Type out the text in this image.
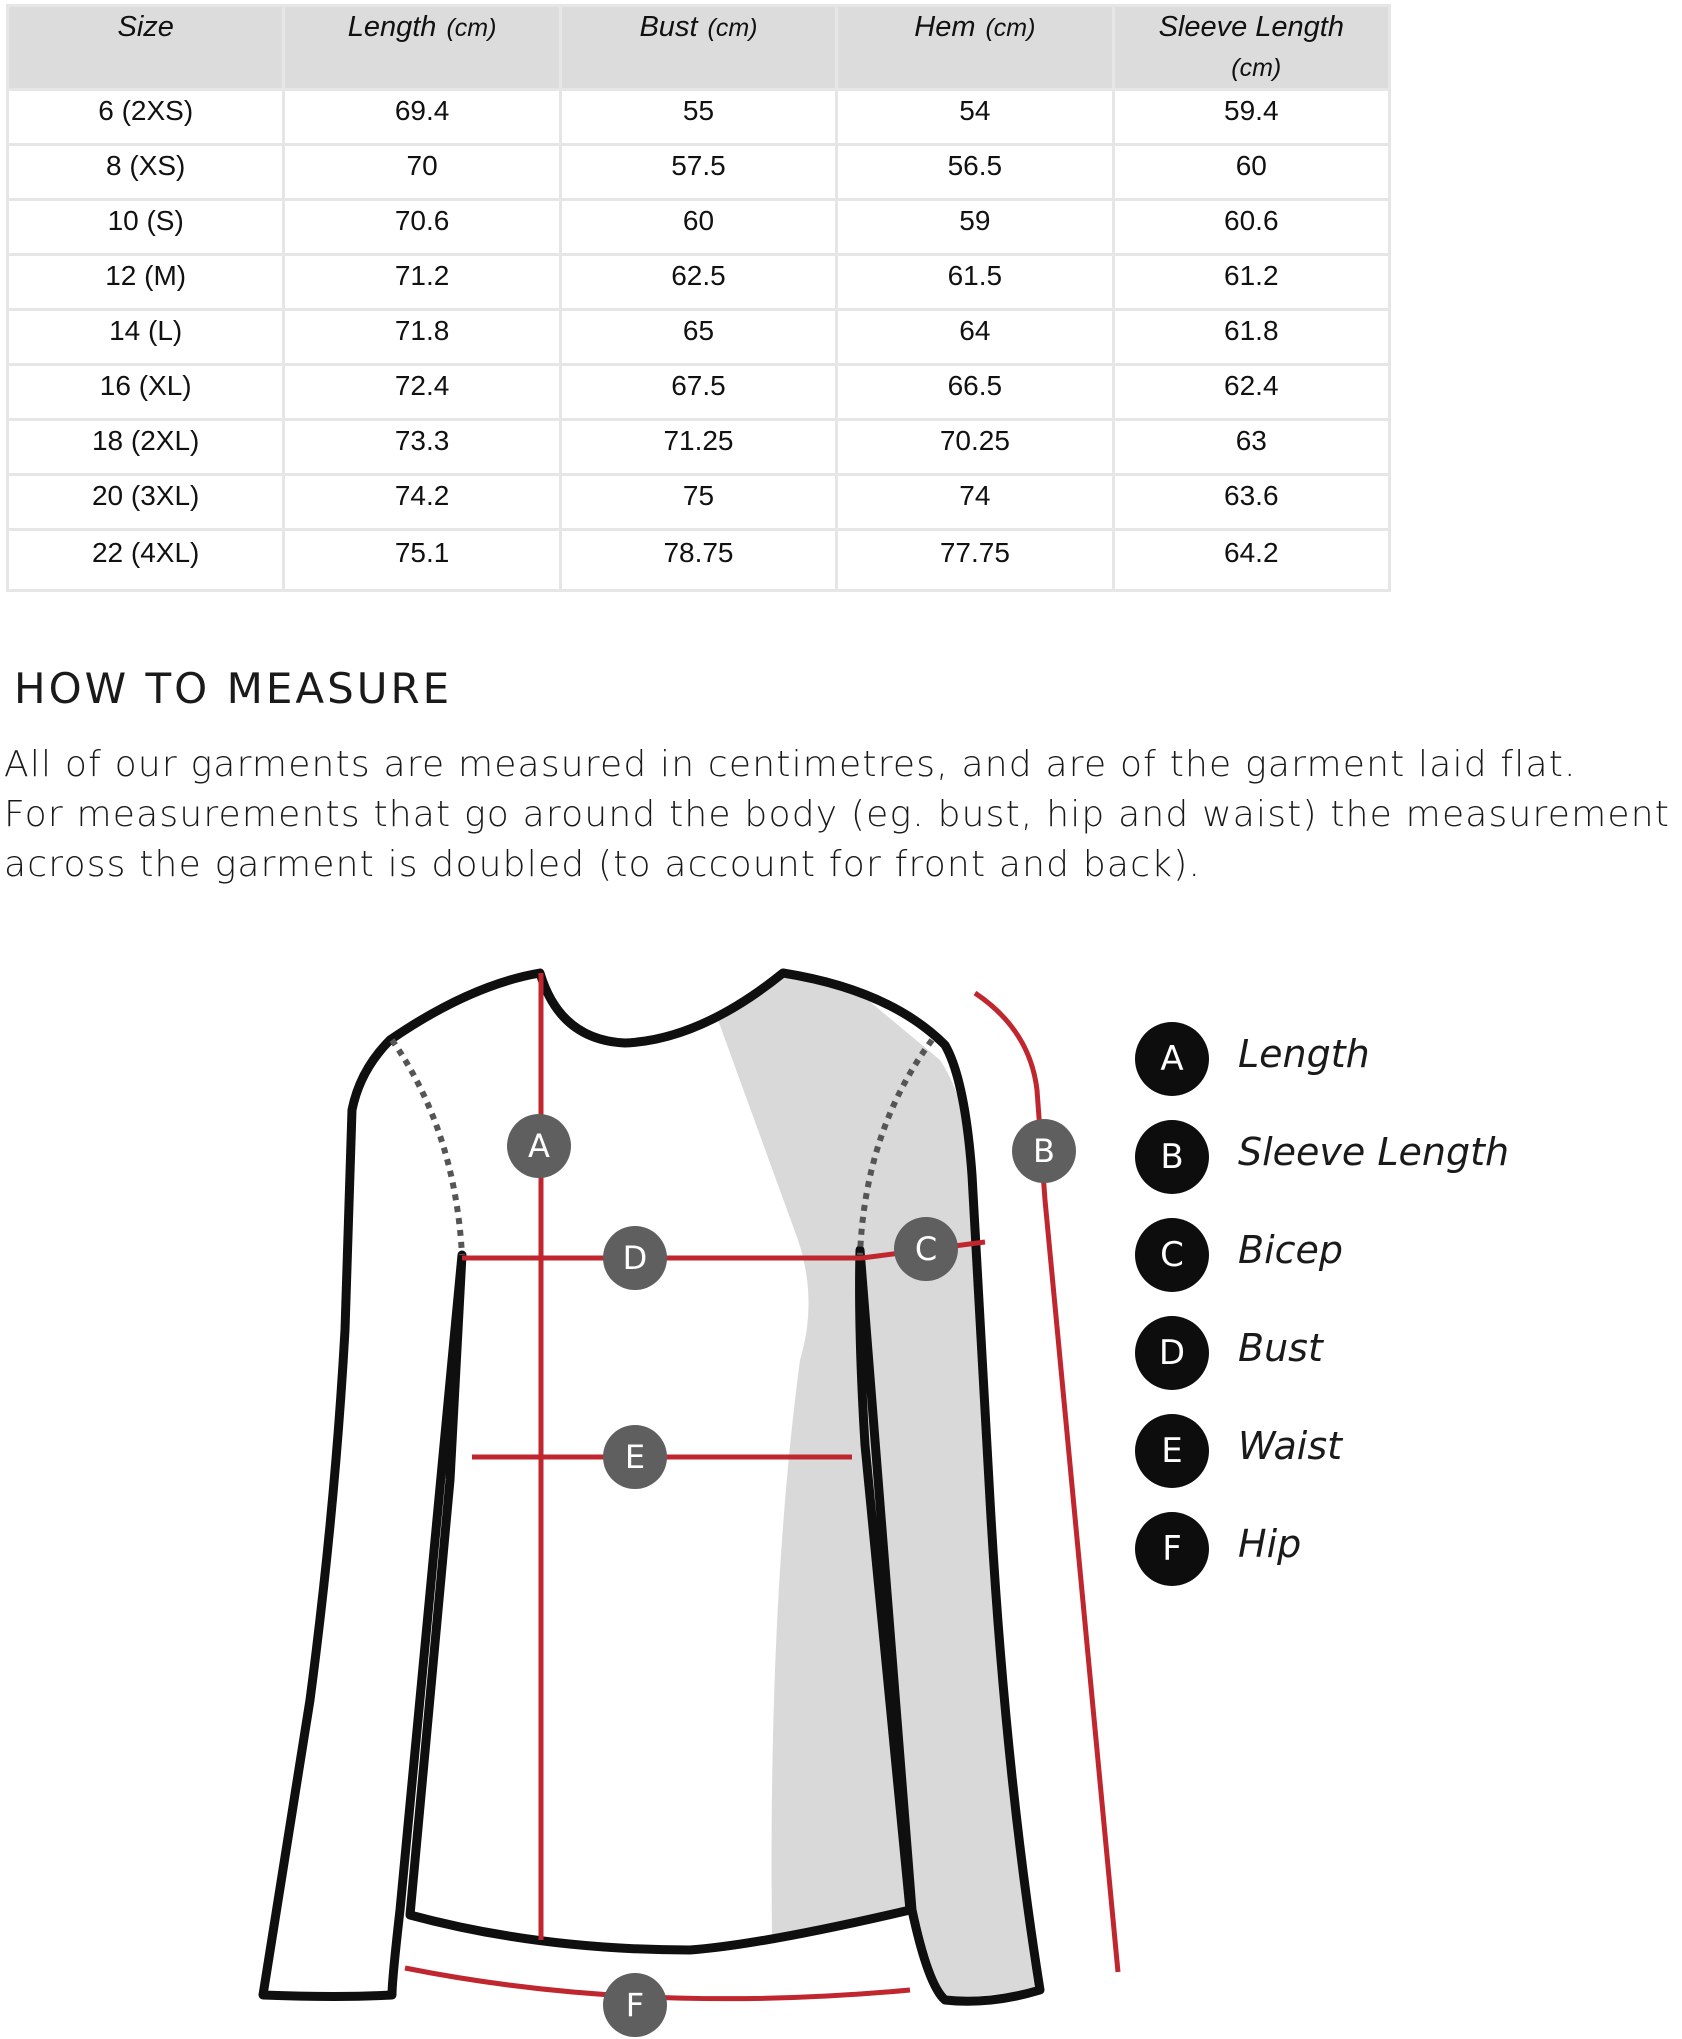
Size	Length (cm)	Bust (cm)	Hem (cm)	Sleeve Length
(cm)
6 (2XS)	69.4	55	54	59.4
8 (XS)	70	57.5	56.5	60
10 (S)	70.6	60	59	60.6
12 (M)	71.2	62.5	61.5	61.2
14 (L)	71.8	65	64	61.8
16 (XL)	72.4	67.5	66.5	62.4
18 (2XL)	73.3	71.25	70.25	63
20 (3XL)	74.2	75	74	63.6
22 (4XL)	75.1	78.75	77.75	64.2
HOW TO MEASURE

All of our garments are measured in centimetres, and are of the garment laid flat.
For measurements that go around the body (eg. bust, hip and waist) the measurement
across the garment is doubled (to account for front and back).

A	B
C
D
E
F
A	Length
B	Sleeve Length
C	Bicep
D	Bust
E	Waist
F	Hip
